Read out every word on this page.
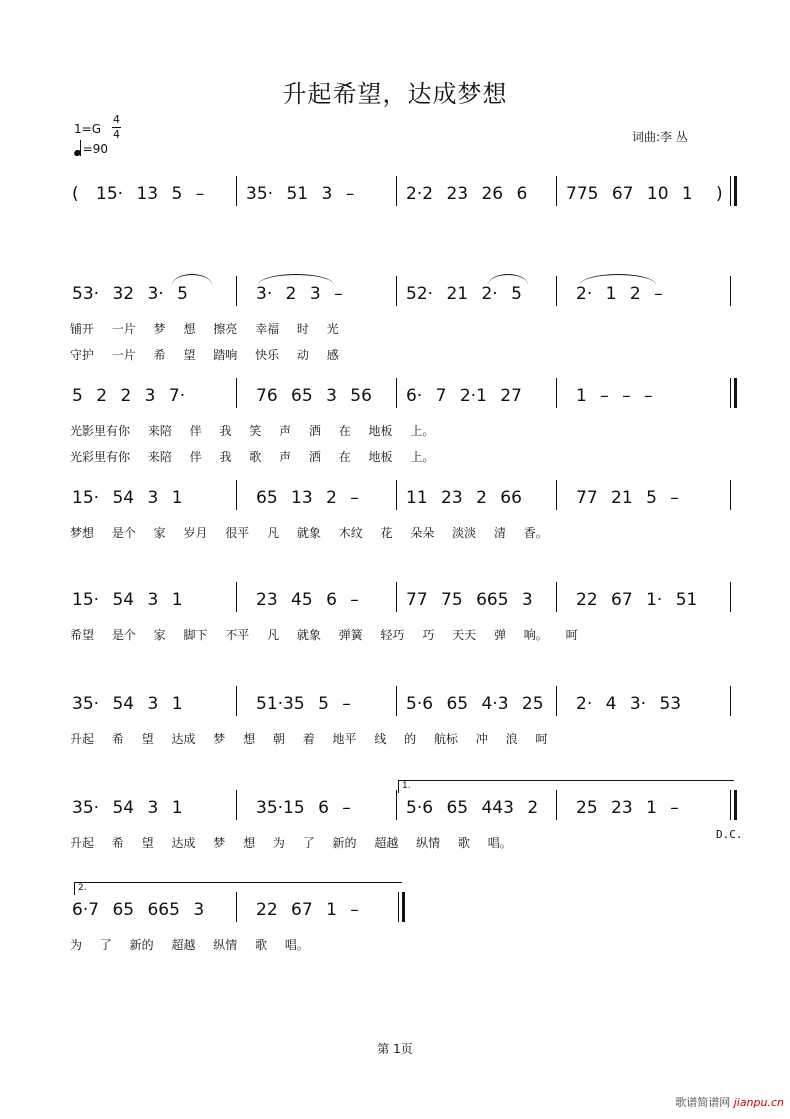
升起希望，达成梦想
1=G
4
4
=90
词曲:李 丛
(	)
15· 13 5 – 35· 51 3 –	2·2 23 26 6 775 67 10 1
53· 32 3· 5	3· 2 3 –	52· 21 2· 5	2· 1 2 –
铺开 一片 梦 想 擦亮 幸福 时 光
守护 一片 希 望 踏响 快乐 动 感
5 2 2 3 7·	76 65 3 56 6· 7 2·1 27	1 – – –
光影里有你 来陪 伴 我 笑 声 洒 在 地板 上。
光彩里有你 来陪 伴 我 歌 声 洒 在 地板 上。
15· 54 3 1	65 13 2 –	11 23 2 66	77 21 5 –
梦想 是个 家 岁月 很平 凡 就象 木纹 花 朵朵 淡淡 清 香。
15· 54 3 1	23 45 6 –	77 75 665 3	22 67 1· 51
希望 是个 家 脚下 不平 凡 就象 弹簧 轻巧 巧 天天 弹 响。 呵
35· 54 3 1	51·35 5 –	5·6 65 4·3 25 2· 4 3· 53
升起 希 望 达成 梦 想 朝 着 地平 线 的 航标 冲 浪 呵
35· 54 3 1	35·15 6 –	5·6 65 443 2 25 23 1 –
升起 希 望 达成 梦 想 为 了 新的 超越 纵情 歌 唱。
6·7 65 665 3	22 67 1 –
为 了 新的 超越 纵情 歌 唱。
1.
2.
D.C.
第 1页
歌谱简谱网 jianpu.cn
